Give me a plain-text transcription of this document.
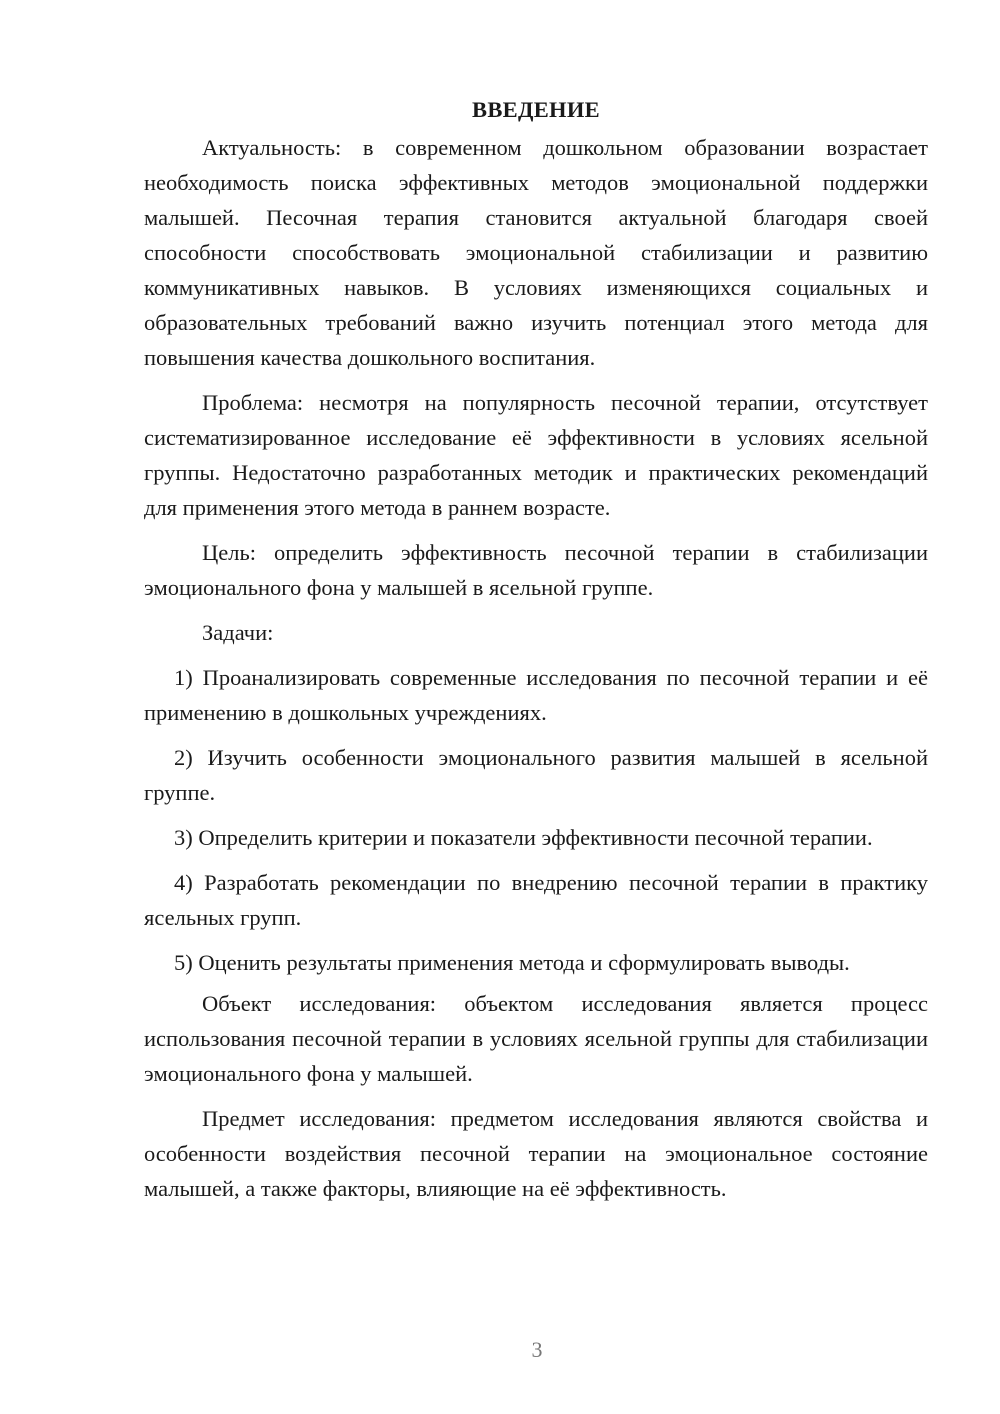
ВВЕДЕНИЕ

Актуальность: в современном дошкольном образовании возрастает необходимость поиска эффективных методов эмоциональной поддержки малышей. Песочная терапия становится актуальной благодаря своей способности способствовать эмоциональной стабилизации и развитию коммуникативных навыков. В условиях изменяющихся социальных и образовательных требований важно изучить потенциал этого метода для повышения качества дошкольного воспитания.

Проблема: несмотря на популярность песочной терапии, отсутствует систематизированное исследование её эффективности в условиях ясельной группы. Недостаточно разработанных методик и практических рекомендаций для применения этого метода в раннем возрасте.

Цель: определить эффективность песочной терапии в стабилизации эмоционального фона у малышей в ясельной группе.

Задачи:

1) Проанализировать современные исследования по песочной терапии и её применению в дошкольных учреждениях.

2) Изучить особенности эмоционального развития малышей в ясельной группе.

3) Определить критерии и показатели эффективности песочной терапии.

4) Разработать рекомендации по внедрению песочной терапии в практику ясельных групп.

5) Оценить результаты применения метода и сформулировать выводы.

Объект исследования: объектом исследования является процесс использования песочной терапии в условиях ясельной группы для стабилизации эмоционального фона у малышей.

Предмет исследования: предметом исследования являются свойства и особенности воздействия песочной терапии на эмоциональное состояние малышей, а также факторы, влияющие на её эффективность.

3
